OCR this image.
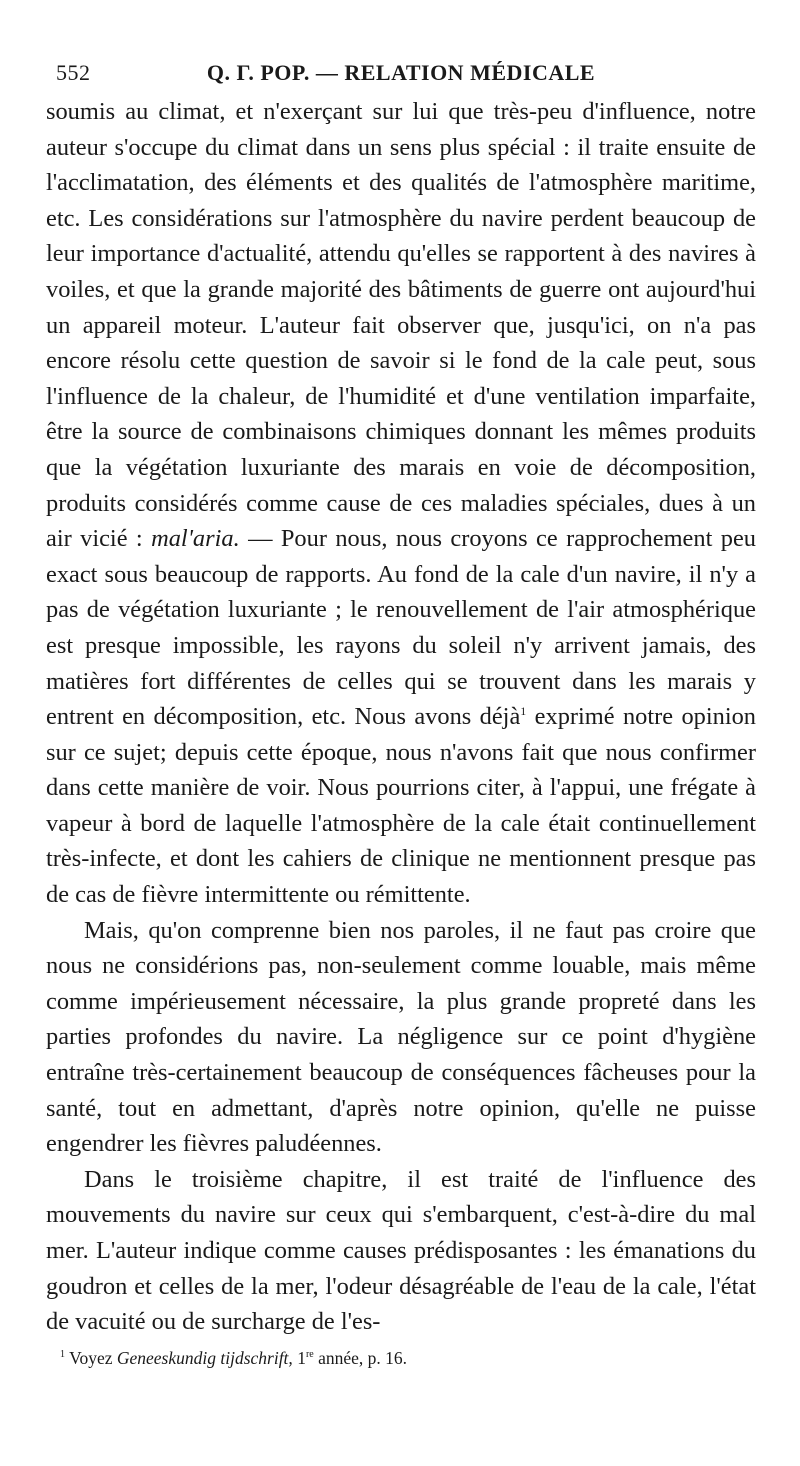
552	Q. Γ. POP. — RELATION MÉDICALE

soumis au climat, et n'exerçant sur lui que très-peu d'influence, notre auteur s'occupe du climat dans un sens plus spécial : il traite ensuite de l'acclimatation, des éléments et des qualités de l'atmosphère maritime, etc. Les considérations sur l'atmosphère du navire perdent beaucoup de leur importance d'actualité, attendu qu'elles se rapportent à des navires à voiles, et que la grande majorité des bâtiments de guerre ont aujourd'hui un appareil moteur. L'auteur fait observer que, jusqu'ici, on n'a pas encore résolu cette question de savoir si le fond de la cale peut, sous l'influence de la chaleur, de l'humidité et d'une ventilation imparfaite, être la source de combinaisons chimiques donnant les mêmes produits que la végétation luxuriante des marais en voie de décomposition, produits considérés comme cause de ces maladies spéciales, dues à un air vicié : mal'aria. — Pour nous, nous croyons ce rapprochement peu exact sous beaucoup de rapports. Au fond de la cale d'un navire, il n'y a pas de végétation luxuriante ; le renouvellement de l'air atmosphérique est presque impossible, les rayons du soleil n'y arrivent jamais, des matières fort différentes de celles qui se trouvent dans les marais y entrent en décomposition, etc. Nous avons déjà$^1$ exprimé notre opinion sur ce sujet; depuis cette époque, nous n'avons fait que nous confirmer dans cette manière de voir. Nous pourrions citer, à l'appui, une frégate à vapeur à bord de laquelle l'atmosphère de la cale était continuellement très-infecte, et dont les cahiers de clinique ne mentionnent presque pas de cas de fièvre intermittente ou rémittente.

Mais, qu'on comprenne bien nos paroles, il ne faut pas croire que nous ne considérions pas, non-seulement comme louable, mais même comme impérieusement nécessaire, la plus grande propreté dans les parties profondes du navire. La négligence sur ce point d'hygiène entraîne très-certainement beaucoup de conséquences fâcheuses pour la santé, tout en admettant, d'après notre opinion, qu'elle ne puisse engendrer les fièvres paludéennes.

Dans le troisième chapitre, il est traité de l'influence des mouvements du navire sur ceux qui s'embarquent, c'est-à-dire du mal mer. L'auteur indique comme causes prédisposantes : les émanations du goudron et celles de la mer, l'odeur désagréable de l'eau de la cale, l'état de vacuité ou de surcharge de l'es-

$^1$ Voyez Geneeskundig tijdschrift, 1re année, p. 16.
